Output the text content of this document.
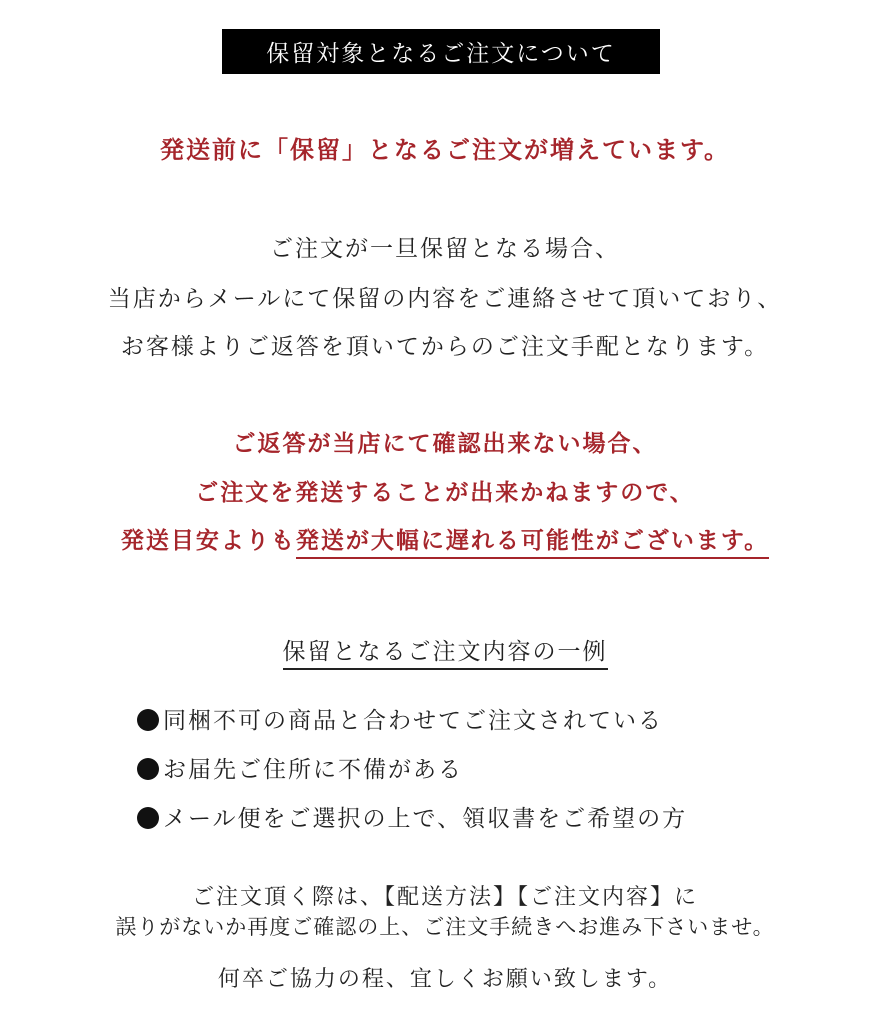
保留対象となるご注文について
発送前に「保留」となるご注文が増えています。
ご注文が一旦保留となる場合、
当店からメールにて保留の内容をご連絡させて頂いており、
お客様よりご返答を頂いてからのご注文手配となります。
ご返答が当店にて確認出来ない場合、
ご注文を発送することが出来かねますので、
発送目安よりも発送が大幅に遅れる可能性がございます。
保留となるご注文内容の一例
同梱不可の商品と合わせてご注文されている
お届先ご住所に不備がある
メール便をご選択の上で、領収書をご希望の方
ご注文頂く際は、【配送方法】【ご注文内容】に
誤りがないか再度ご確認の上、ご注文手続きへお進み下さいませ。
何卒ご協力の程、宜しくお願い致します。
